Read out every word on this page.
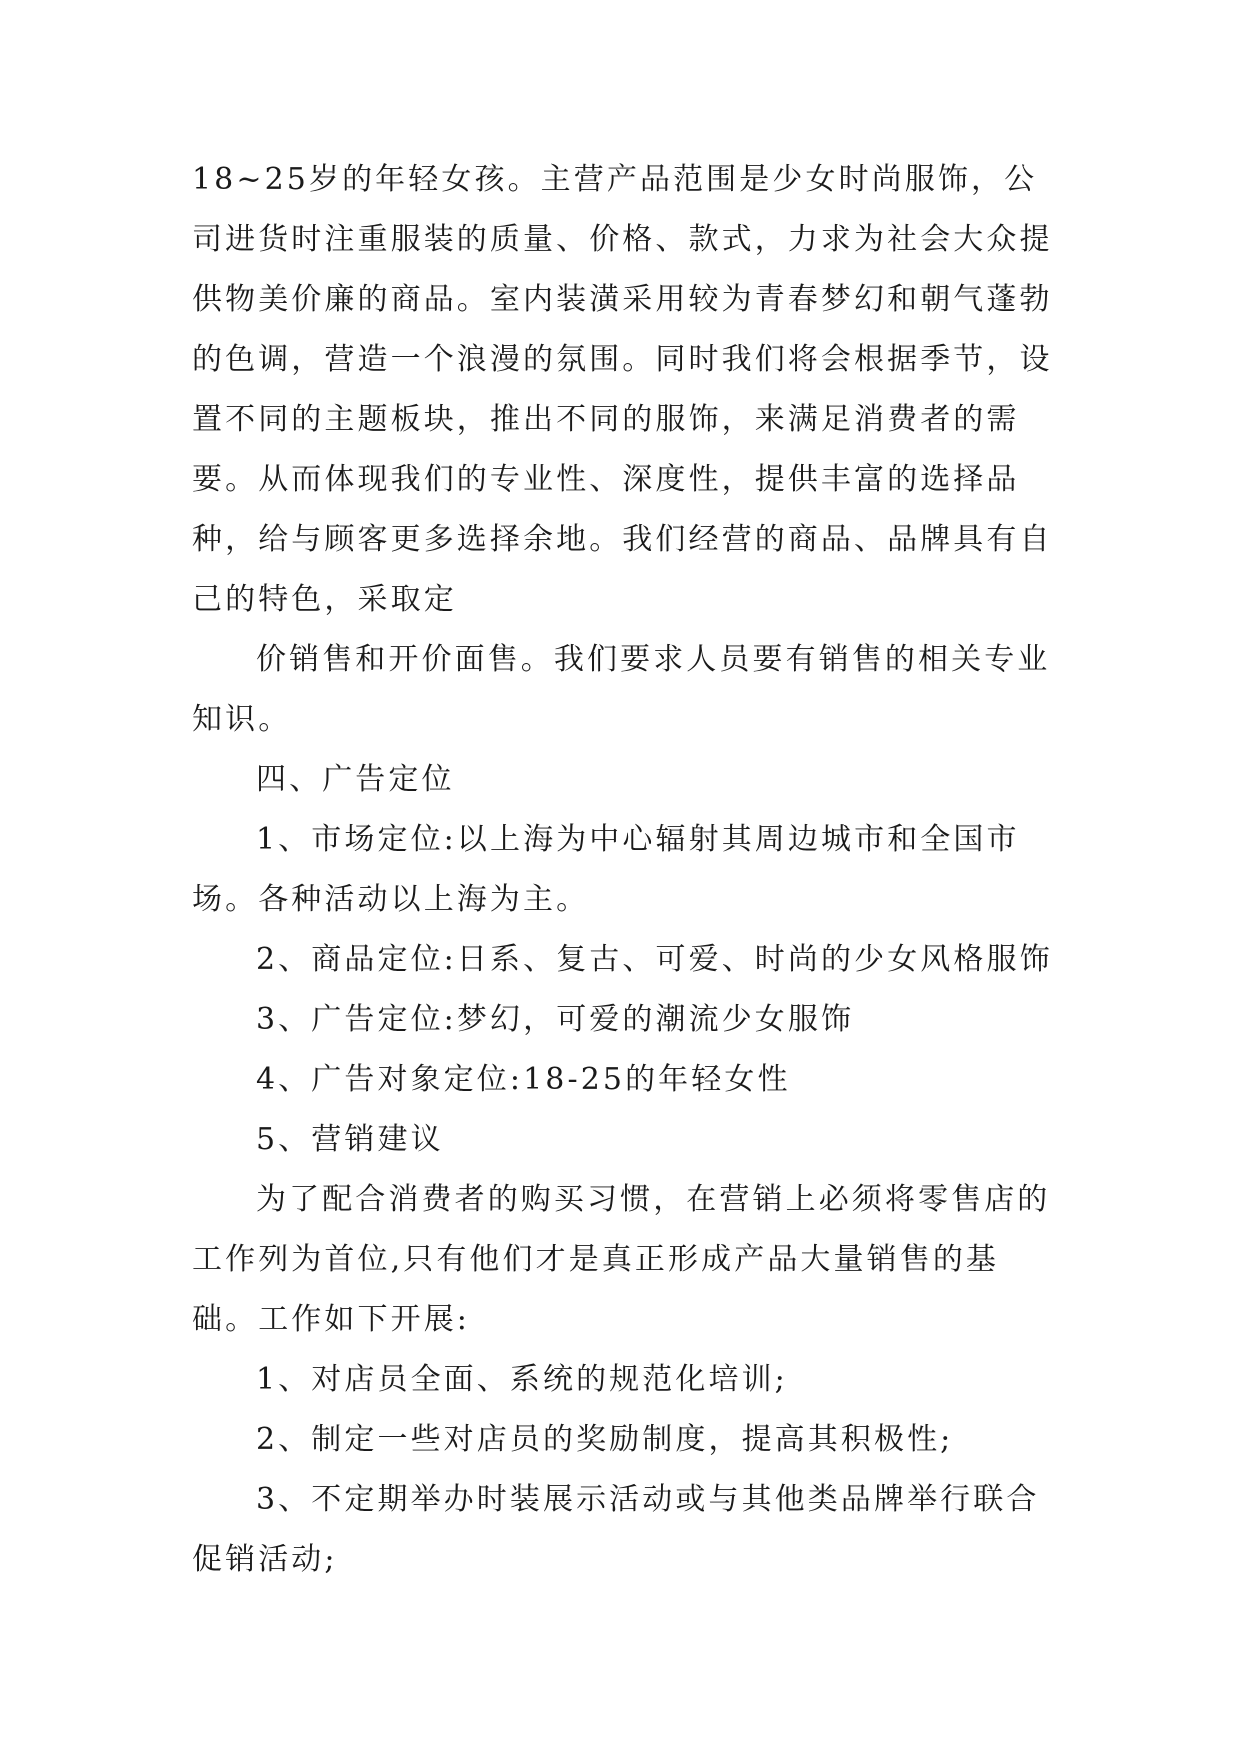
18~25岁的年轻女孩。主营产品范围是少女时尚服饰，公司进货时注重服装的质量、价格、款式，力求为社会大众提供物美价廉的商品。室内装潢采用较为青春梦幻和朝气蓬勃的色调，营造一个浪漫的氛围。同时我们将会根据季节，设置不同的主题板块，推出不同的服饰，来满足消费者的需要。从而体现我们的专业性、深度性，提供丰富的选择品种，给与顾客更多选择余地。我们经营的商品、品牌具有自己的特色，采取定

价销售和开价面售。我们要求人员要有销售的相关专业知识。

四、广告定位

1、市场定位:以上海为中心辐射其周边城市和全国市场。各种活动以上海为主。

2、商品定位:日系、复古、可爱、时尚的少女风格服饰

3、广告定位:梦幻，可爱的潮流少女服饰

4、广告对象定位:18-25的年轻女性

5、营销建议

为了配合消费者的购买习惯，在营销上必须将零售店的工作列为首位,只有他们才是真正形成产品大量销售的基础。工作如下开展:

1、对店员全面、系统的规范化培训;

2、制定一些对店员的奖励制度，提高其积极性;

3、不定期举办时装展示活动或与其他类品牌举行联合促销活动;
